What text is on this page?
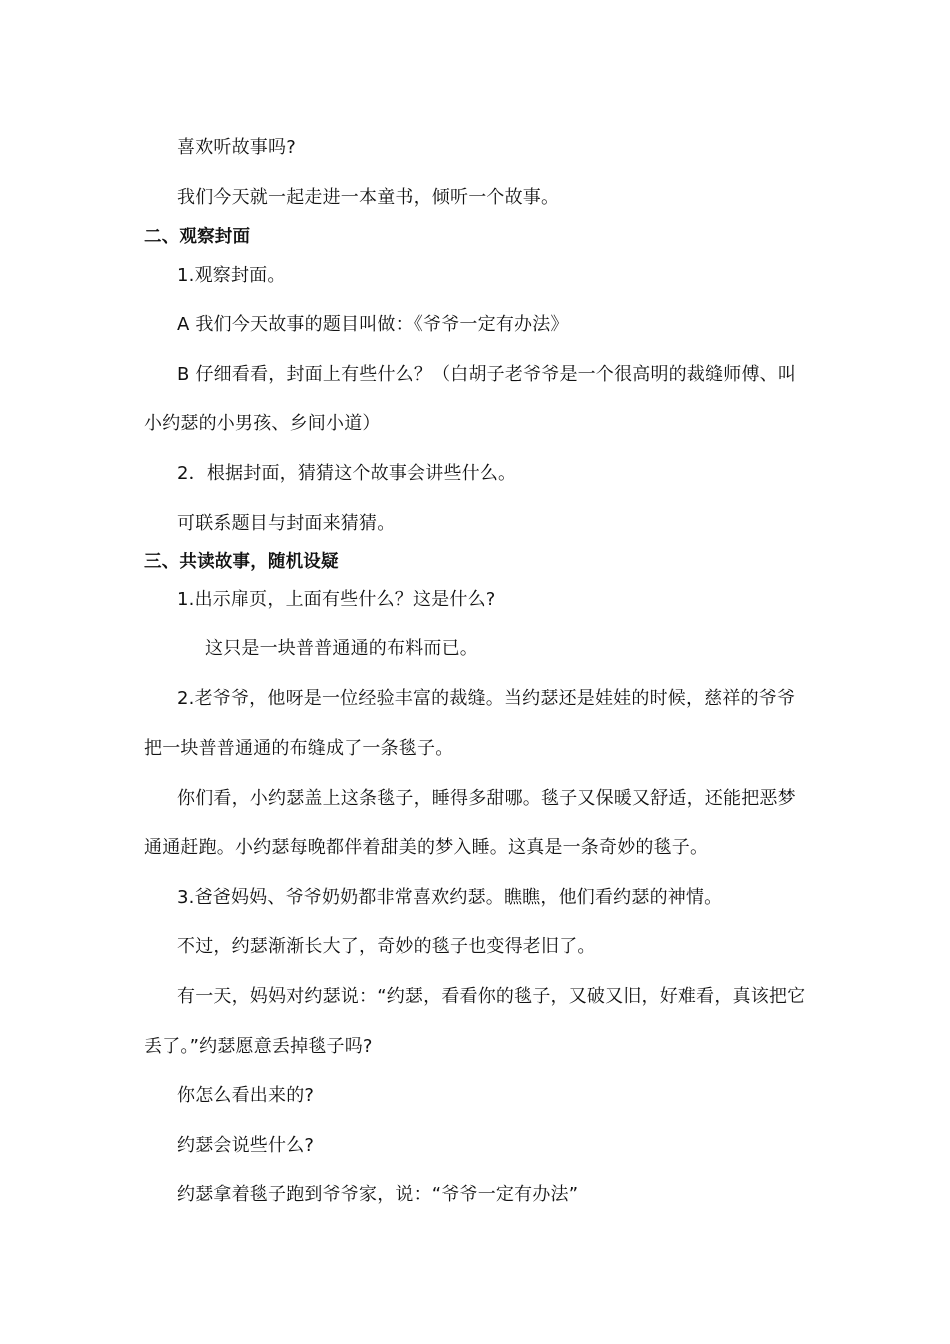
喜欢听故事吗?

我们今天就一起走进一本童书，倾听一个故事。

二、观察封面

1.观察封面。

A 我们今天故事的题目叫做：《爷爷一定有办法》

B 仔细看看，封面上有些什么？（白胡子老爷爷是一个很高明的裁缝师傅、叫

小约瑟的小男孩、乡间小道）

2．根据封面，猜猜这个故事会讲些什么。

可联系题目与封面来猜猜。

三、共读故事，随机设疑

1.出示扉页，上面有些什么？这是什么?

这只是一块普普通通的布料而已。

2.老爷爷，他呀是一位经验丰富的裁缝。当约瑟还是娃娃的时候，慈祥的爷爷

把一块普普通通的布缝成了一条毯子。

你们看，小约瑟盖上这条毯子，睡得多甜哪。毯子又保暖又舒适，还能把恶梦

通通赶跑。小约瑟每晚都伴着甜美的梦入睡。这真是一条奇妙的毯子。

3.爸爸妈妈、爷爷奶奶都非常喜欢约瑟。瞧瞧，他们看约瑟的神情。

不过，约瑟渐渐长大了，奇妙的毯子也变得老旧了。

有一天，妈妈对约瑟说：“约瑟，看看你的毯子，又破又旧，好难看，真该把它

丢了。”约瑟愿意丢掉毯子吗?

你怎么看出来的?

约瑟会说些什么?

约瑟拿着毯子跑到爷爷家，说：“爷爷一定有办法”
